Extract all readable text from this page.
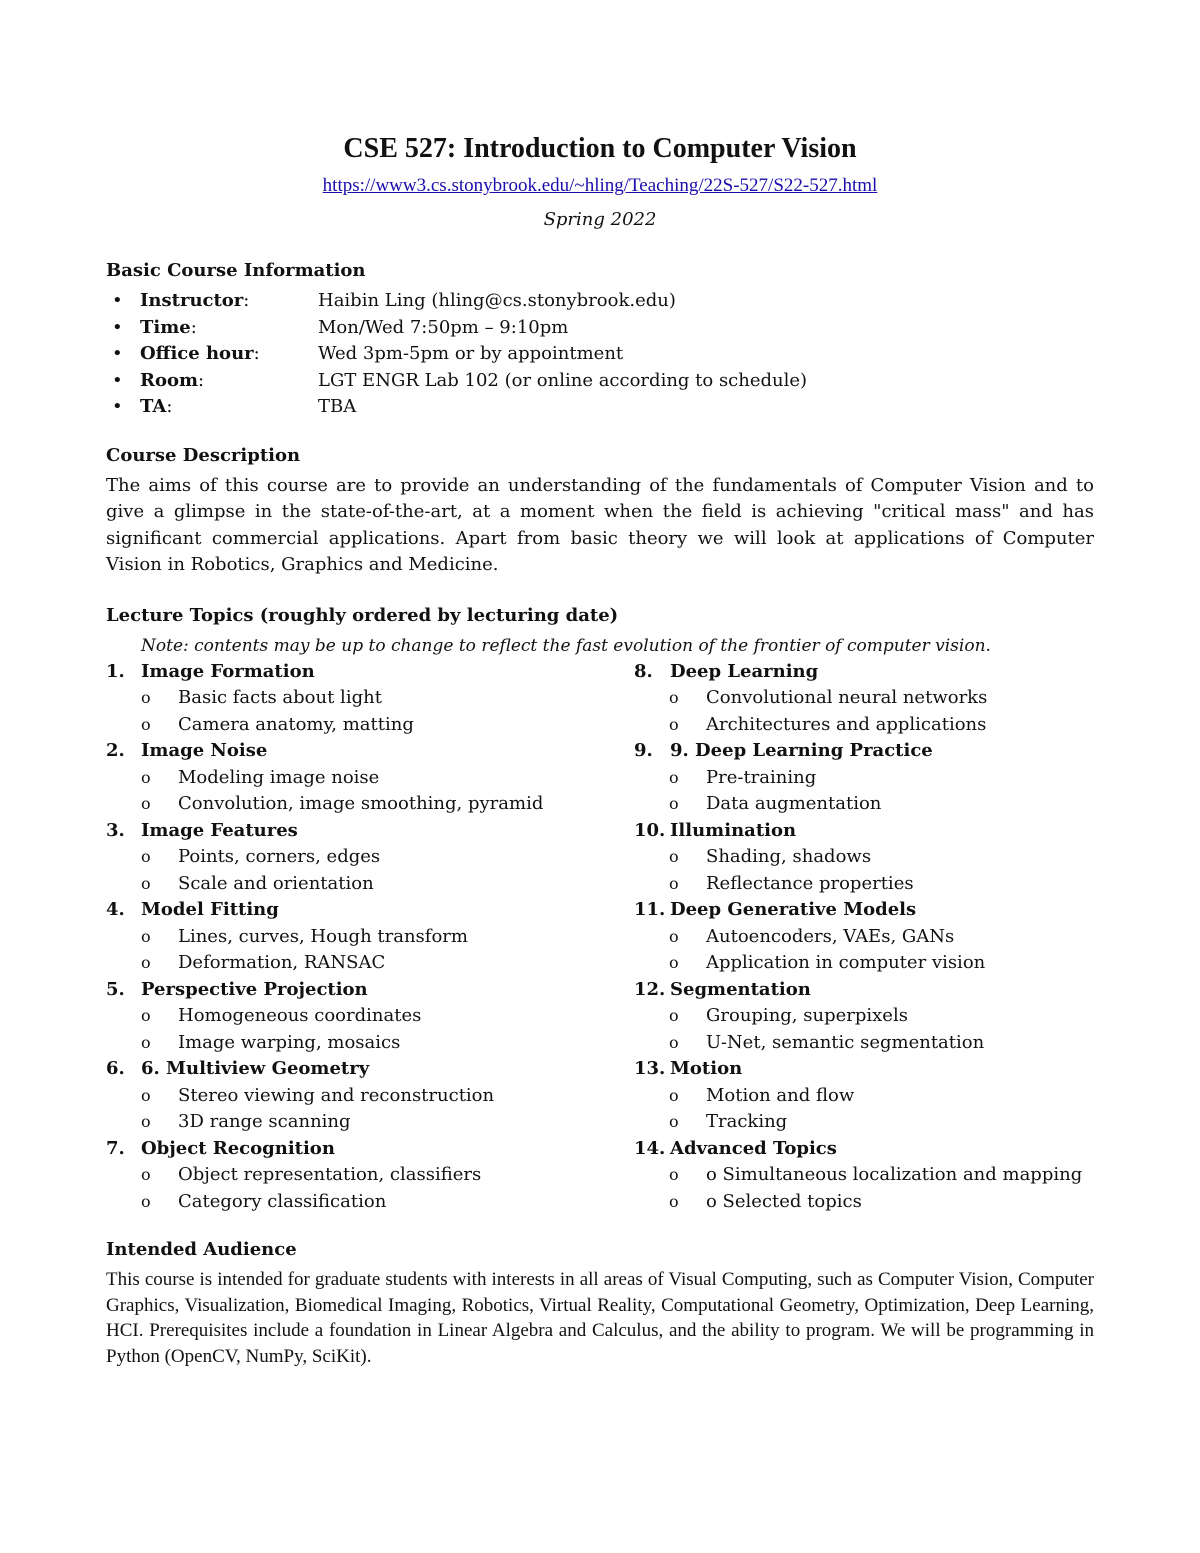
CSE 527: Introduction to Computer Vision
https://www3.cs.stonybrook.edu/~hling/Teaching/22S-527/S22-527.html
Spring 2022
Basic Course Information
• Instructor:	Haibin Ling (hling@cs.stonybrook.edu)
• Time:	Mon/Wed 7:50pm – 9:10pm
• Office hour:	Wed 3pm-5pm or by appointment
• Room:	LGT ENGR Lab 102 (or online according to schedule)
• TA:	TBA
Course Description

The aims of this course are to provide an understanding of the fundamentals of Computer Vision and to give a glimpse in the state-of-the-art, at a moment when the field is achieving "critical mass" and has significant commercial applications. Apart from basic theory we will look at applications of Computer Vision in Robotics, Graphics and Medicine.

Lecture Topics (roughly ordered by lecturing date)
Note: contents may be up to change to reflect the fast evolution of the frontier of computer vision.
1. Image Formation
o	Basic facts about light
o	Camera anatomy, matting
2. Image Noise
o	Modeling image noise
o	Convolution, image smoothing, pyramid
3. Image Features
o	Points, corners, edges
o	Scale and orientation
4. Model Fitting
o	Lines, curves, Hough transform
o	Deformation, RANSAC
5. Perspective Projection
o	Homogeneous coordinates
o	Image warping, mosaics
6. 6. Multiview Geometry
o	Stereo viewing and reconstruction
o	3D range scanning
7. Object Recognition
o	Object representation, classifiers
o	Category classification
8. Deep Learning
o	Convolutional neural networks
o	Architectures and applications
9. 9. Deep Learning Practice
o	Pre-training
o	Data augmentation
10. Illumination
o	Shading, shadows
o	Reflectance properties
11. Deep Generative Models
o	Autoencoders, VAEs, GANs
o	Application in computer vision
12. Segmentation
o	Grouping, superpixels
o	U-Net, semantic segmentation
13. Motion
o	Motion and flow
o	Tracking
14. Advanced Topics
o	o Simultaneous localization and mapping
o	o Selected topics
Intended Audience

This course is intended for graduate students with interests in all areas of Visual Computing, such as Computer Vision, Computer Graphics, Visualization, Biomedical Imaging, Robotics, Virtual Reality, Computational Geometry, Optimization, Deep Learning, HCI. Prerequisites include a foundation in Linear Algebra and Calculus, and the ability to program. We will be programming in Python (OpenCV, NumPy, SciKit).
